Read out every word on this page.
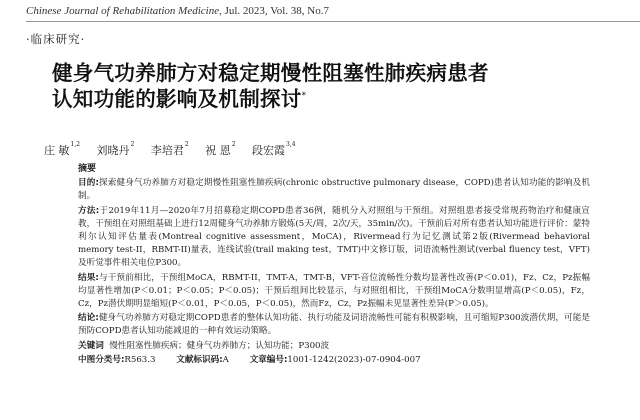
Chinese Journal of Rehabilitation Medicine, Jul. 2023, Vol. 38, No.7
·临床研究·
健身气功养肺方对稳定期慢性阻塞性肺疾病患者
认知功能的影响及机制探讨*
庄 敏$^{1,2}$ 刘晓丹$^2$ 李培君$^2$ 祝 恩$^2$ 段宏霞$^{3,4}$
摘要

目的:探索健身气功养肺方对稳定期慢性阻塞性肺疾病(chronic obstructive pulmonary disease，COPD)患者认知功能的影响及机制。

方法:于2019年11月—2020年7月招募稳定期COPD患者36例，随机分入对照组与干预组。对照组患者接受常规药物治疗和健康宣教，干预组在对照组基础上进行12周健身气功养肺方锻炼(5天/周，2次/天，35min/次)。干预前后对所有患者认知功能进行评价：蒙特利尔认知评估量表(Montreal cognitive assessment，MoCA)，Rivermead行为记忆测试第2版(Rivermead behavioral memory test-II，RBMT-II)量表，连线试验(trail making test，TMT)中文修订版，词语流畅性测试(verbal fluency test，VFT)及听觉事件相关电位P300。

结果:与干预前相比，干预组MoCA，RBMT-II，TMT-A，TMT-B，VFT-音位流畅性分数均显著性改善(P＜0.01)，Fz、Cz，Pz振幅均显著性增加(P＜0.01；P＜0.05；P＜0.05)；干预后组间比较显示，与对照组相比，干预组MoCA分数明显增高(P＜0.05)，Fz，Cz，Pz潜伏期明显缩短(P＜0.01，P＜0.05，P＜0.05)，然而Fz，Cz，Pz振幅未见显著性差异(P＞0.05)。

结论:健身气功养肺方对稳定期COPD患者的整体认知功能、执行功能及词语流畅性可能有积极影响，且可缩短P300波潜伏期，可能是预防COPD患者认知功能减退的一种有效运动策略。

关键词 慢性阻塞性肺疾病；健身气功养肺方；认知功能；P300波

中图分类号:R563.3 文献标识码:A 文章编号:1001-1242(2023)-07-0904-007
